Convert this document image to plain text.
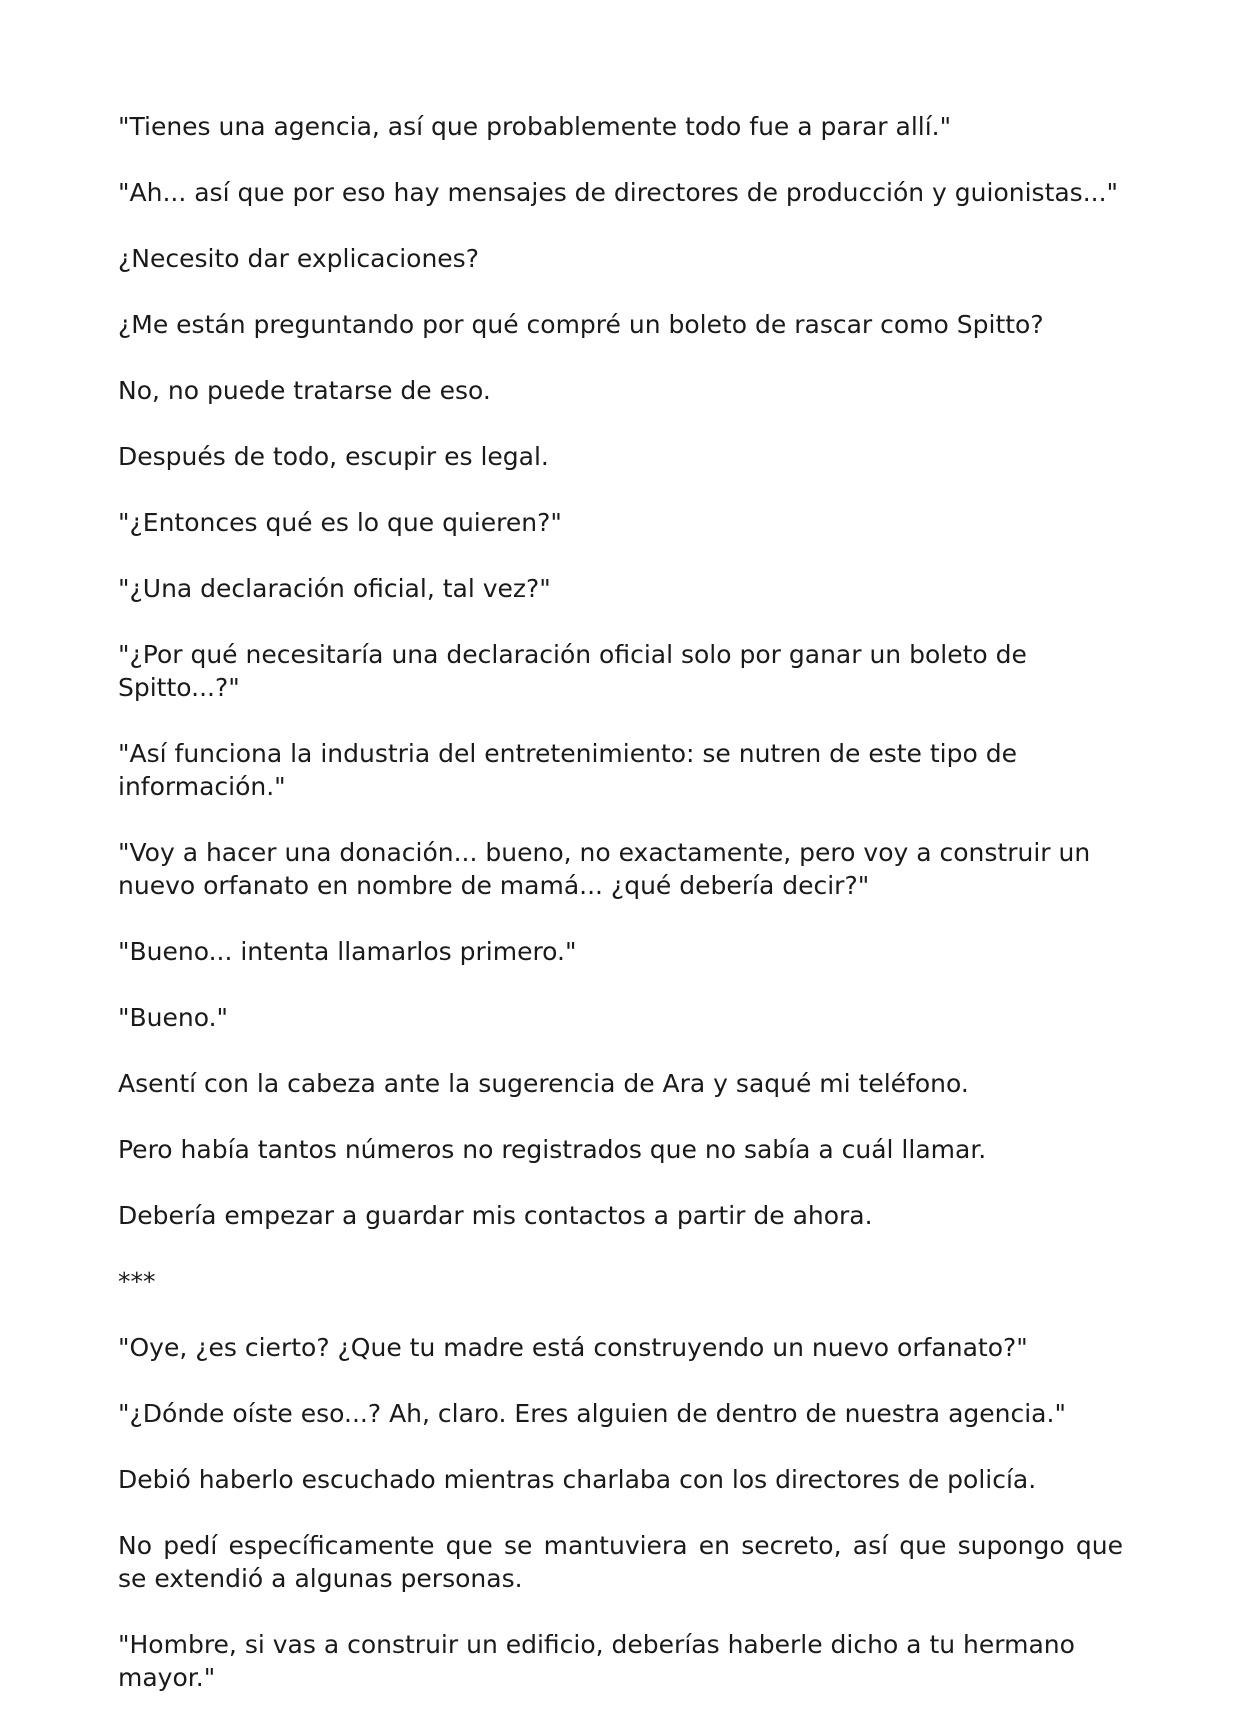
"Tienes una agencia, así que probablemente todo fue a parar allí."

"Ah... así que por eso hay mensajes de directores de producción y guionistas..."

¿Necesito dar explicaciones?

¿Me están preguntando por qué compré un boleto de rascar como Spitto?

No, no puede tratarse de eso.

Después de todo, escupir es legal.

"¿Entonces qué es lo que quieren?"

"¿Una declaración oficial, tal vez?"

"¿Por qué necesitaría una declaración oficial solo por ganar un boleto de Spitto...?"

"Así funciona la industria del entretenimiento: se nutren de este tipo de información."

"Voy a hacer una donación... bueno, no exactamente, pero voy a construir un nuevo orfanato en nombre de mamá... ¿qué debería decir?"

"Bueno... intenta llamarlos primero."

"Bueno."

Asentí con la cabeza ante la sugerencia de Ara y saqué mi teléfono.

Pero había tantos números no registrados que no sabía a cuál llamar.

Debería empezar a guardar mis contactos a partir de ahora.

***

"Oye, ¿es cierto? ¿Que tu madre está construyendo un nuevo orfanato?"

"¿Dónde oíste eso...? Ah, claro. Eres alguien de dentro de nuestra agencia."

Debió haberlo escuchado mientras charlaba con los directores de policía.

No pedí específicamente que se mantuviera en secreto, así que supongo que se extendió a algunas personas.

"Hombre, si vas a construir un edificio, deberías haberle dicho a tu hermano mayor."
